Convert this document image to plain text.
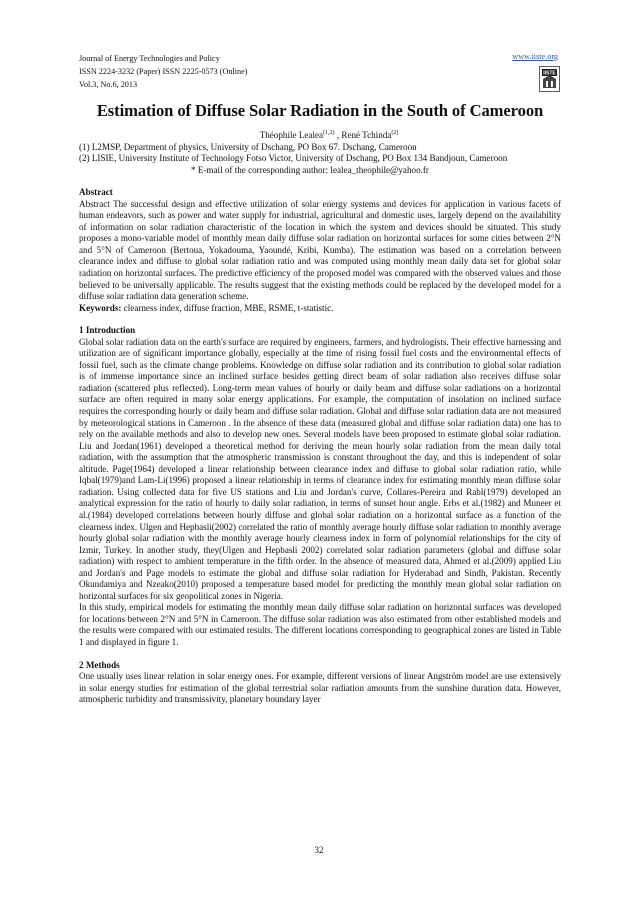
Journal of Energy Technologies and Policy
ISSN 2224-3232 (Paper) ISSN 2225-0573 (Online)
Vol.3, No.6, 2013
www.iiste.org
IISTE
Estimation of Diffuse Solar Radiation in the South of Cameroon
Théophile Lealea$^{(1,2)}$ , René Tchinda$^{(2)}$
(1) L2MSP, Department of physics, University of Dschang, PO Box 67. Dschang, Cameroon
(2) LISIE, University Institute of Technology Fotso Victor, University of Dschang, PO Box 134 Bandjoun, Cameroon
* E-mail of the corresponding author: lealea_theophile@yahoo.fr
Abstract
Abstract The successful design and effective utilization of solar energy systems and devices for application in various facets of human endeavors, such as power and water supply for industrial, agricultural and domestic uses, largely depend on the availability of information on solar radiation characteristic of the location in which the system and devices should be situated. This study proposes a mono-variable model of monthly mean daily diffuse solar radiation on horizontal surfaces for some cities between 2°N and 5°N of Cameroon (Bertoua, Yokadouma, Yaoundé, Kribi, Kumba). The estimation was based on a correlation between clearance index and diffuse to global solar radiation ratio and was computed using monthly mean daily data set for global solar radiation on horizontal surfaces. The predictive efficiency of the proposed model was compared with the observed values and those believed to be universally applicable. The results suggest that the existing methods could be replaced by the developed model for a diffuse solar radiation data generation scheme.
Keywords: clearness index, diffuse fraction, MBE, RSME, t-statistic.
1 Introduction
Global solar radiation data on the earth's surface are required by engineers, farmers, and hydrologists. Their effective harnessing and utilization are of significant importance globally, especially at the time of rising fossil fuel costs and the environmental effects of fossil fuel, such as the climate change problems. Knowledge on diffuse solar radiation and its contribution to global solar radiation is of immense importance since an inclined surface besides getting direct beam of solar radiation also receives diffuse solar radiation (scattered plus reflected). Long-term mean values of hourly or daily beam and diffuse solar radiations on a horizontal surface are often required in many solar energy applications. For example, the computation of insolation on inclined surface requires the corresponding hourly or daily beam and diffuse solar radiation. Global and diffuse solar radiation data are not measured by meteorological stations in Cameroon . In the absence of these data (measured global and diffuse solar radiation data) one has to rely on the available methods and also to develop new ones. Several models have been proposed to estimate global solar radiation. Liu and Jordan(1961) developed a theoretical method for deriving the mean hourly solar radiation from the mean daily total radiation, with the assumption that the atmospheric transmission is constant throughout the day, and this is independent of solar altitude. Page(1964) developed a linear relationship between clearance index and diffuse to global solar radiation ratio, while Iqbal(1979)and Lam-Li(1996) proposed a linear relationship in terms of clearance index for estimating monthly mean diffuse solar radiation. Using collected data for five US stations and Liu and Jordan's curve, Collares-Pereira and Rabl(1979) developed an analytical expression for the ratio of hourly to daily solar radiation, in terms of sunset hour angle. Erbs et al.(1982) and Muneer et al.(1984) developed correlations between hourly diffuse and global solar radiation on a horizontal surface as a function of the clearness index. Ulgen and Hepbasli(2002) correlated the ratio of monthly average hourly diffuse solar radiation to monthly average hourly global solar radiation with the monthly average hourly clearness index in form of polynomial relationships for the city of Izmir, Turkey. In another study, they(Ulgen and Hepbasli 2002) correlated solar radiation parameters (global and diffuse solar radiation) with respect to ambient temperature in the fifth order. In the absence of measured data, Ahmed et al.(2009) applied Liu and Jordan's and Page models to estimate the global and diffuse solar radiation for Hyderabad and Sindh, Pakistan. Recently Okundamiya and Nzeako(2010) proposed a temperature based model for predicting the monthly mean global solar radiation on horizontal surfaces for six geopolitical zones in Nigeria.
In this study, empirical models for estimating the monthly mean daily diffuse solar radiation on horizontal surfaces was developed for locations between 2°N and 5°N in Cameroon. The diffuse solar radiation was also estimated from other established models and the results were compared with our estimated results. The different locations corresponding to geographical zones are listed in Table 1 and displayed in figure 1.
2 Methods
One usually uses linear relation in solar energy ones. For example, different versions of linear Angström model are use extensively in solar energy studies for estimation of the global terrestrial solar radiation amounts from the sunshine duration data. However, atmospheric turbidity and transmissivity, planetary boundary layer
32
